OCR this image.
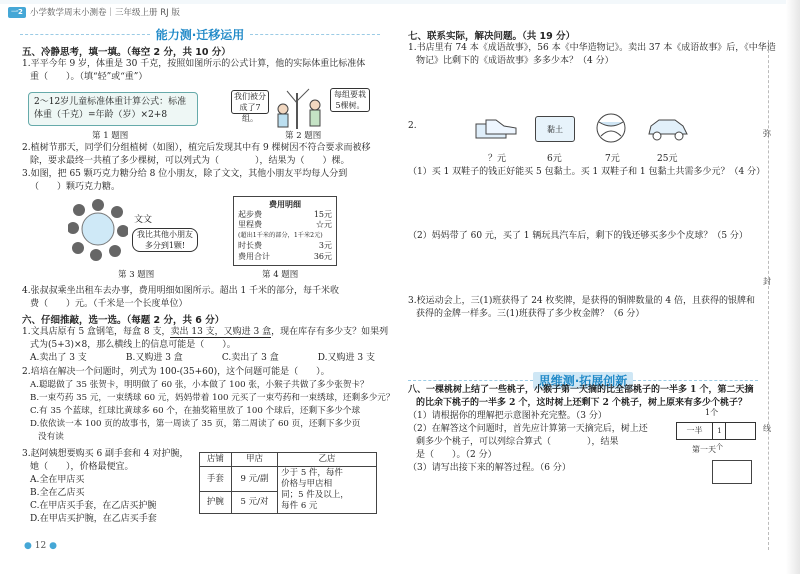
一2 小学数学周末小测卷｜三年级上册 RJ 版
弥
封
线
能力测·迁移运用
五、冷静思考，填一填。（每空 2 分，共 10 分）
1.平平今年 9 岁，体重是 30 千克，按照如图所示的公式计算，他的实际体重比标准体
重（　　）。（填“轻”或“重”）
2～12岁儿童标准体重计算公式：标准
体重（千克）=年龄（岁）×2+8
第 1 题图
我们被分
成了7组。
每组要栽
5棵树。
第 2 题图
2.植树节那天，同学们分组植树（如图），植完后发现其中有 9 棵树因不符合要求而被移
除，要求最终一共植了多少棵树，可以列式为（　　　　），结果为（　　）棵。
3.如图，把 65 颗巧克力糖分给 8 位小朋友，除了文文，其他小朋友平均每人分到
（　　）颗巧克力糖。
文文
我比其他小朋友
多分到1颗!
第 3 题图
费用明细
起步费	15元
里程费	☆元
(超出1千米的部分，1千米2元)
时长费	3元
费用合计	36元
第 4 题图
4.张叔叔乘坐出租车去办事，费用明细如图所示。超出 1 千米的部分，每千米收
费（　　）元。（千米是一个长度单位）
六、仔细推敲，选一选。（每题 2 分，共 6 分）
1.文具店原有 5 盒钢笔，每盒 8 支，卖出 13 支，又购进 3 盒，现在库存有多少支？如果列
式为(5+3)×8，那么横线上的信息可能是（　　）。
A.卖出了 3 支	B.又购进 3 盒	C.卖出了 3 盒	D.又购进 3 支
2.培培在解决一个问题时，列式为 100-(35+60)，这个问题可能是（　　）。
A.聪聪做了 35 张贺卡，明明做了 60 张，小本做了 100 张，小猴子共做了多少张贺卡？
B.一束芍药 35 元，一束绣球 60 元，妈妈带着 100 元买了一束芍药和一束绣球，还剩多少元？
C.有 35 个蓝球，红球比黄球多 60 个，在抽奖箱里放了 100 个球后，还剩下多少个球
D.依依读一本 100 页的故事书，第一周读了 35 页，第二周读了 60 页，还剩下多少页
没有读
3.赵阿姨想要购买 6 副手套和 4 对护腕，
她（　　），价格最便宜。
A.全在甲店买
B.全在乙店买
C.在甲店买手套，在乙店买护腕
D.在甲店买护腕，在乙店买手套
店铺	甲店	乙店
手套	9 元/副	少于 5 件，每件
价格与甲店相
同；5 件及以上，
每件 6 元

护腕	5 元/对	
● 12 ●
七、联系实际，解决问题。（共 19 分）
1.书店里有 74 本《成语故事》，56 本《中华造物记》。卖出 37 本《成语故事》后，《中华造
物记》比剩下的《成语故事》多多少本？（4 分）
2.	黏土
？元	6元	7元	25元
（1）买 1 双鞋子的钱正好能买 5 包黏土。买 1 双鞋子和 1 包黏土共需多少元？（4 分）
（2）妈妈带了 60 元，买了 1 辆玩具汽车后，剩下的钱还够买多少个皮球？（5 分）
3.校运动会上，三(1)班获得了 24 枚奖牌，是获得的铜牌数量的 4 倍，且获得的银牌和
获得的金牌一样多。三(1)班获得了多少枚金牌？（6 分）
思维测·拓展创新
八、一棵桃树上结了一些桃子，小猴子第一天摘的比全部桃子的一半多 1 个，第二天摘
的比余下桃子的一半多 2 个，这时树上还剩下 2 个桃子，树上原来有多少个桃子？
（1）请根据你的理解把示意图补充完整。（3 分）
（2）在解答这个问题时，首先应计算第一天摘完后，树上还
剩多少个桃子，可以列综合算式（　　　　），结果
是（　　）。（2 分）
（3）请写出接下来的解答过程。（6 分）
1个
一半	1个
第一天
